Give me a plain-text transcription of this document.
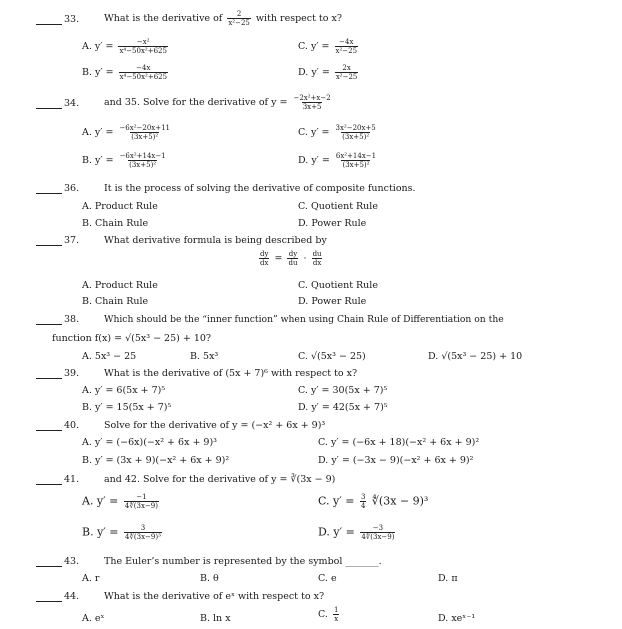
33.	What is the derivative of $\frac{2}{\text{x²−25}}$ with respect to x?
A. $y' = \frac{\text{−x²}}{\text{x⁴−50x²+625}}$
B. $y' = \frac{-4x}{\text{x⁴−50x²+625}}$
C. $y' = \frac{-4x}{\text{x²−25}}$
D. $y' = \frac{2x}{\text{x²−25}}$
34.	and 35. Solve for the derivative of $y = \frac{\text{−2x²+x−2}}{3x+5}$
A. $y' = \frac{\text{−6x²−20x+11}}{\text{(3x+5)²}}$
B. $y' = \frac{\text{−6x²+14x−1}}{\text{(3x+5)²}}$
C. $y' = \frac{\text{3x²−20x+5}}{\text{(3x+5)²}}$
D. $y' = \frac{\text{6x²+14x−1}}{\text{(3x+5)²}}$
36.	It is the process of solving the derivative of composite functions.
A. Product Rule
B. Chain Rule
C. Quotient Rule
D. Power Rule
37.	What derivative formula is being described by
$\frac{dy}{dx} = \frac{dy}{du} \cdot \frac{du}{dx}$
A. Product Rule
B. Chain Rule
C. Quotient Rule
D. Power Rule
38.	Which should be the “inner function” when using Chain Rule of Differentiation on the
function f(x) = √(5x³ − 25) + 10?
A. 5x³ − 25	B. 5x³	C. √(5x³ − 25)	D. √(5x³ − 25) + 10
39.	What is the derivative of (5x + 7)⁶ with respect to x?
A. y′ = 6(5x + 7)⁵
B. y′ = 15(5x + 7)⁵
C. y′ = 30(5x + 7)⁵
D. y′ = 42(5x + 7)⁵
40.	Solve for the derivative of y = (−x² + 6x + 9)³
A. y′ = (−6x)(−x² + 6x + 9)³
B. y′ = (3x + 9)(−x² + 6x + 9)²
C. y′ = (−6x + 18)(−x² + 6x + 9)²
D. y′ = (−3x − 9)(−x² + 6x + 9)²
41.	and 42. Solve for the derivative of y = ∛(3x − 9)
A. $y' = \frac{-1}{4∜(3x-9)}$
B. $y' = \frac{3}{\text{4∜(3x−9)³}}$
C. $y' = \frac{3}{4}$ ∜(3x − 9)³
D. $y' = \frac{-3}{4∜(3x-9)}$
43.	The Euler’s number is represented by the symbol _______.
A. r	B. θ	C. e	D. π
44.	What is the derivative of eˣ with respect to x?
A. eˣ	B. ln x	C. $\frac{1}{x}$	D. xeˣ⁻¹
